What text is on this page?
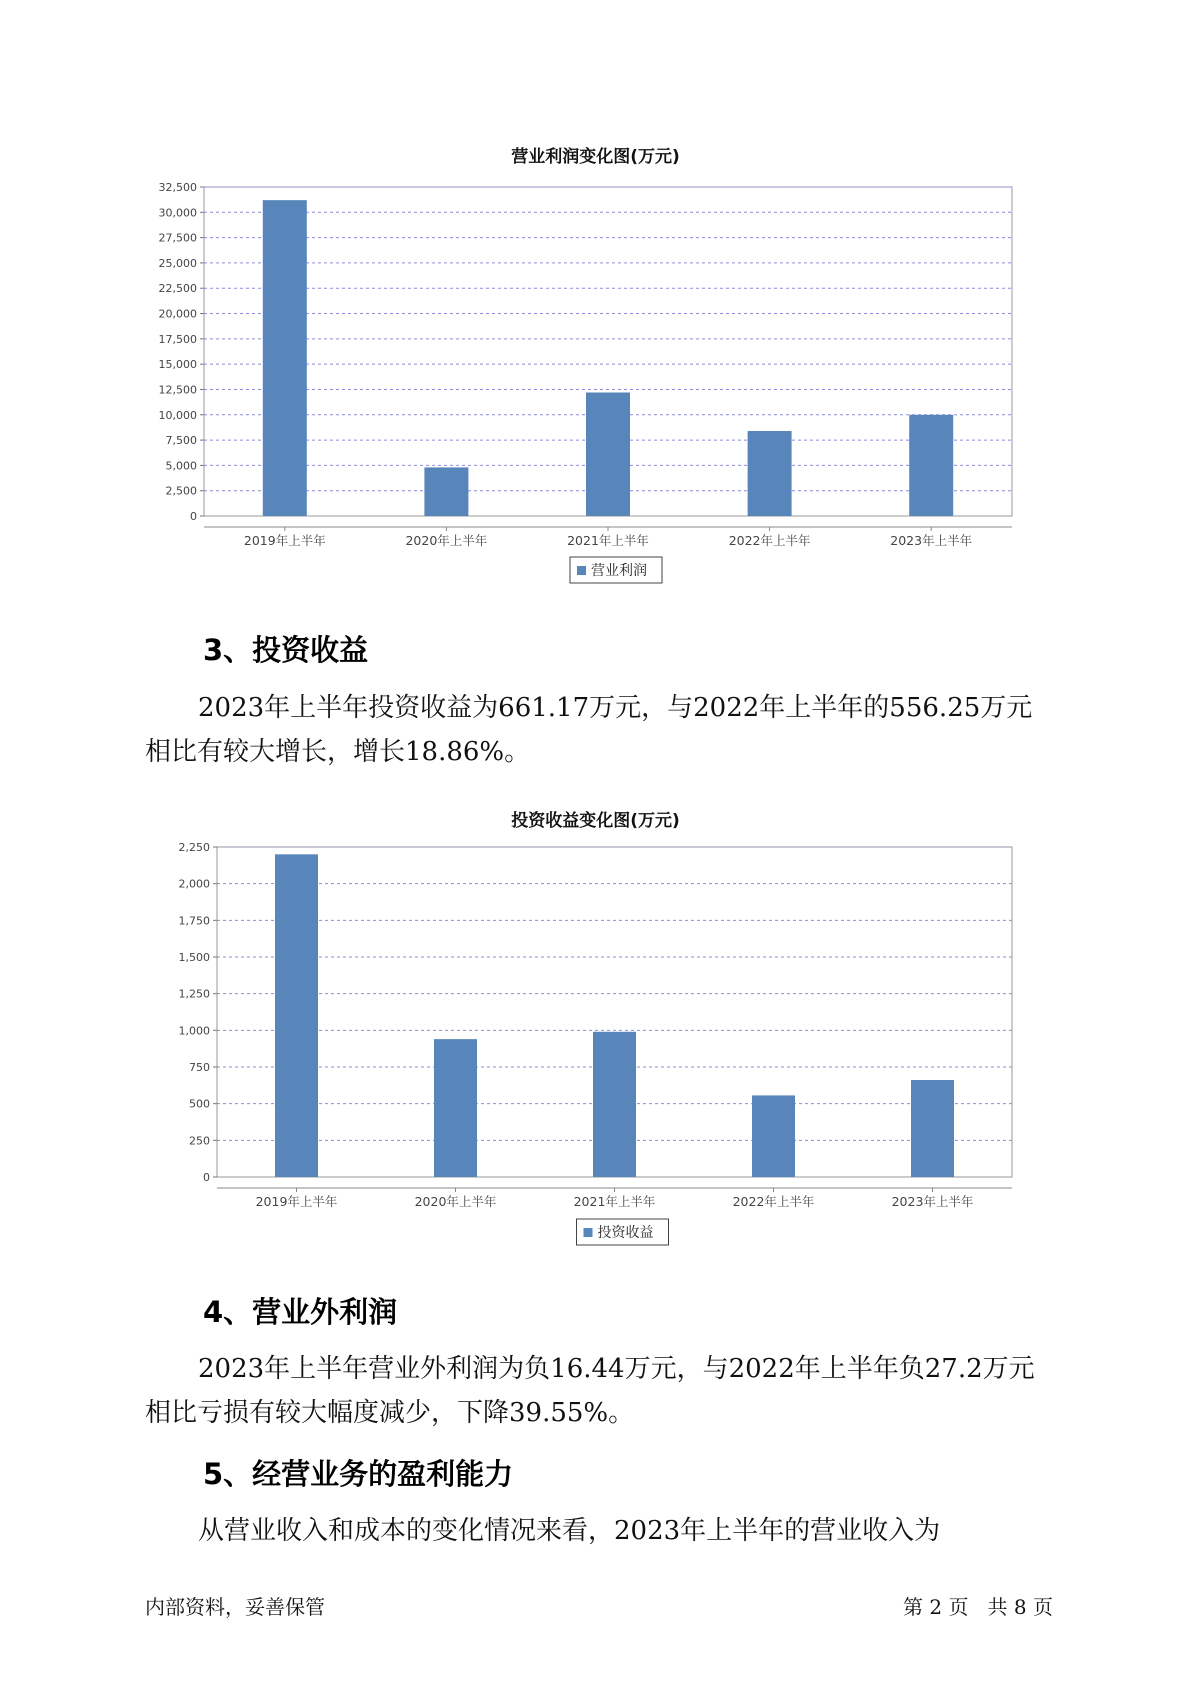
营业利润变化图(万元)
0
2,500
5,000
7,500
10,000
12,500
15,000
17,500
20,000
22,500
25,000
27,500
30,000
32,500
2019年上半年	2020年上半年	2021年上半年	2022年上半年	2023年上半年
营业利润
3、投资收益
2023年上半年投资收益为661.17万元，与2022年上半年的556.25万元
相比有较大增长，增长18.86%。
投资收益变化图(万元)
0
250
500
750
1,000
1,250
1,500
1,750
2,000
2,250
2019年上半年	2020年上半年	2021年上半年	2022年上半年	2023年上半年
投资收益
4、营业外利润
2023年上半年营业外利润为负16.44万元，与2022年上半年负27.2万元
相比亏损有较大幅度减少，下降39.55%。
5、经营业务的盈利能力
从营业收入和成本的变化情况来看，2023年上半年的营业收入为
内部资料，妥善保管	第 2 页   共 8 页
